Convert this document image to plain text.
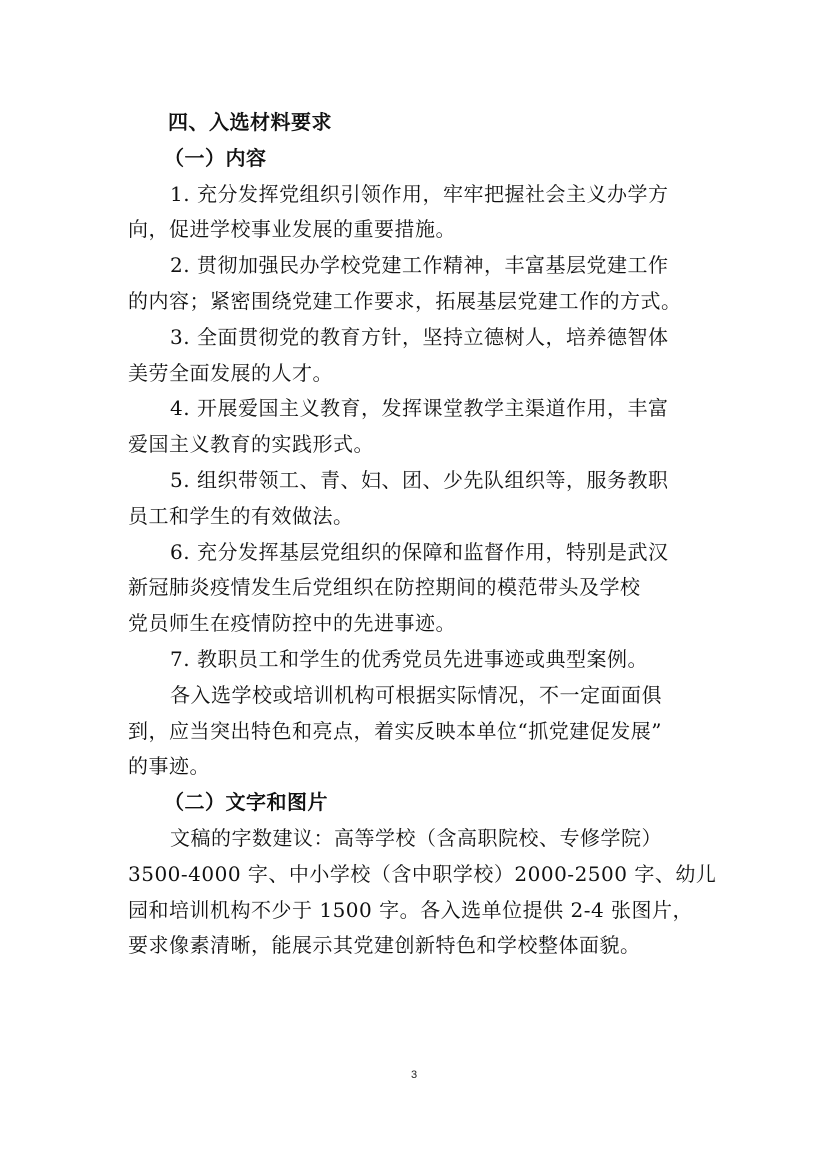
四、入选材料要求
（一）内容
1. 充分发挥党组织引领作用，牢牢把握社会主义办学方
向，促进学校事业发展的重要措施。
2. 贯彻加强民办学校党建工作精神，丰富基层党建工作
的内容；紧密围绕党建工作要求，拓展基层党建工作的方式。
3. 全面贯彻党的教育方针，坚持立德树人，培养德智体
美劳全面发展的人才。
4. 开展爱国主义教育，发挥课堂教学主渠道作用，丰富
爱国主义教育的实践形式。
5. 组织带领工、青、妇、团、少先队组织等，服务教职
员工和学生的有效做法。
6. 充分发挥基层党组织的保障和监督作用，特别是武汉
新冠肺炎疫情发生后党组织在防控期间的模范带头及学校
党员师生在疫情防控中的先进事迹。
7. 教职员工和学生的优秀党员先进事迹或典型案例。
各入选学校或培训机构可根据实际情况，不一定面面俱
到，应当突出特色和亮点，着实反映本单位“抓党建促发展”
的事迹。
（二）文字和图片
文稿的字数建议：高等学校（含高职院校、专修学院）
3500-4000 字、中小学校（含中职学校）2000-2500 字、幼儿
园和培训机构不少于 1500 字。各入选单位提供 2-4 张图片，
要求像素清晰，能展示其党建创新特色和学校整体面貌。
3
